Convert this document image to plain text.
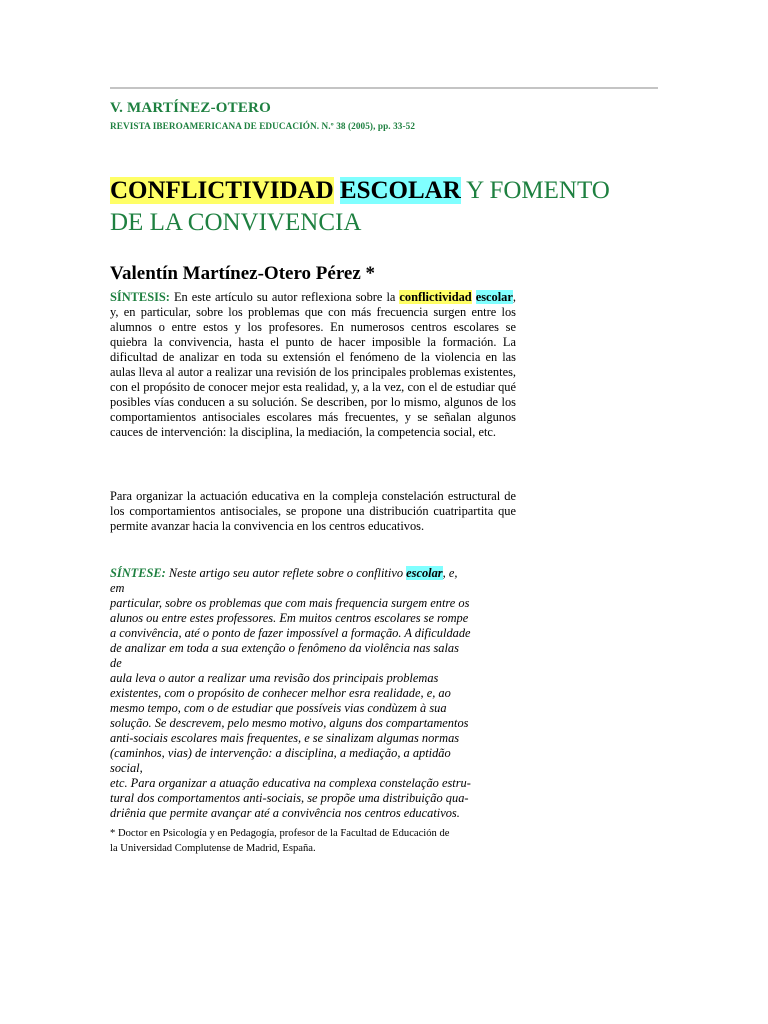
V. MARTÍNEZ-OTERO
REVISTA IBEROAMERICANA DE EDUCACIÓN. N.º 38 (2005), pp. 33-52
CONFLICTIVIDAD ESCOLAR Y FOMENTO
DE LA CONVIVENCIA
Valentín Martínez-Otero Pérez *
SÍNTESIS: En este artículo su autor reflexiona sobre la conflictividad escolar, y, en particular, sobre los problemas que con más frecuencia surgen entre los alumnos o entre estos y los profesores. En numerosos centros escolares se quiebra la convivencia, hasta el punto de hacer imposible la formación. La dificultad de analizar en toda su extensión el fenómeno de la violencia en las aulas lleva al autor a realizar una revisión de los principales problemas existentes, con el propósito de conocer mejor esta realidad, y, a la vez, con el de estudiar qué posibles vías conducen a su solución. Se describen, por lo mismo, algunos de los comportamientos antisociales escolares más frecuentes, y se señalan algunos cauces de intervención: la disciplina, la mediación, la competencia social, etc.
Para organizar la actuación educativa en la compleja constelación estructural de los comportamientos antisociales, se propone una distribución cuatripartita que permite avanzar hacia la convivencia en los centros educativos.
SÍNTESE: Neste artigo seu autor reflete sobre o conflitivo escolar, e,
em
particular, sobre os problemas que com mais frequencia surgem entre os
alunos ou entre estes professores. Em muitos centros escolares se rompe
a convivência, até o ponto de fazer impossível a formação. A dificuldade
de analizar em toda a sua extenção o fenômeno da violência nas salas
de
aula leva o autor a realizar uma revisão dos principais problemas
existentes, com o propósito de conhecer melhor esra realidade, e, ao
mesmo tempo, com o de estudiar que possíveis vias condùzem à sua
solução. Se descrevem, pelo mesmo motivo, alguns dos compartamentos
anti-sociais escolares mais frequentes, e se sinalizam algumas normas
(caminhos, vias) de intervenção: a disciplina, a mediação, a aptidão
social,
etc. Para organizar a atuação educativa na complexa constelação estru-
tural dos comportamentos anti-sociais, se propõe uma distribuição qua-
driênia que permite avançar até a convivência nos centros educativos.
* Doctor en Psicología y en Pedagogía, profesor de la Facultad de Educación de
la Universidad Complutense de Madrid, España.
